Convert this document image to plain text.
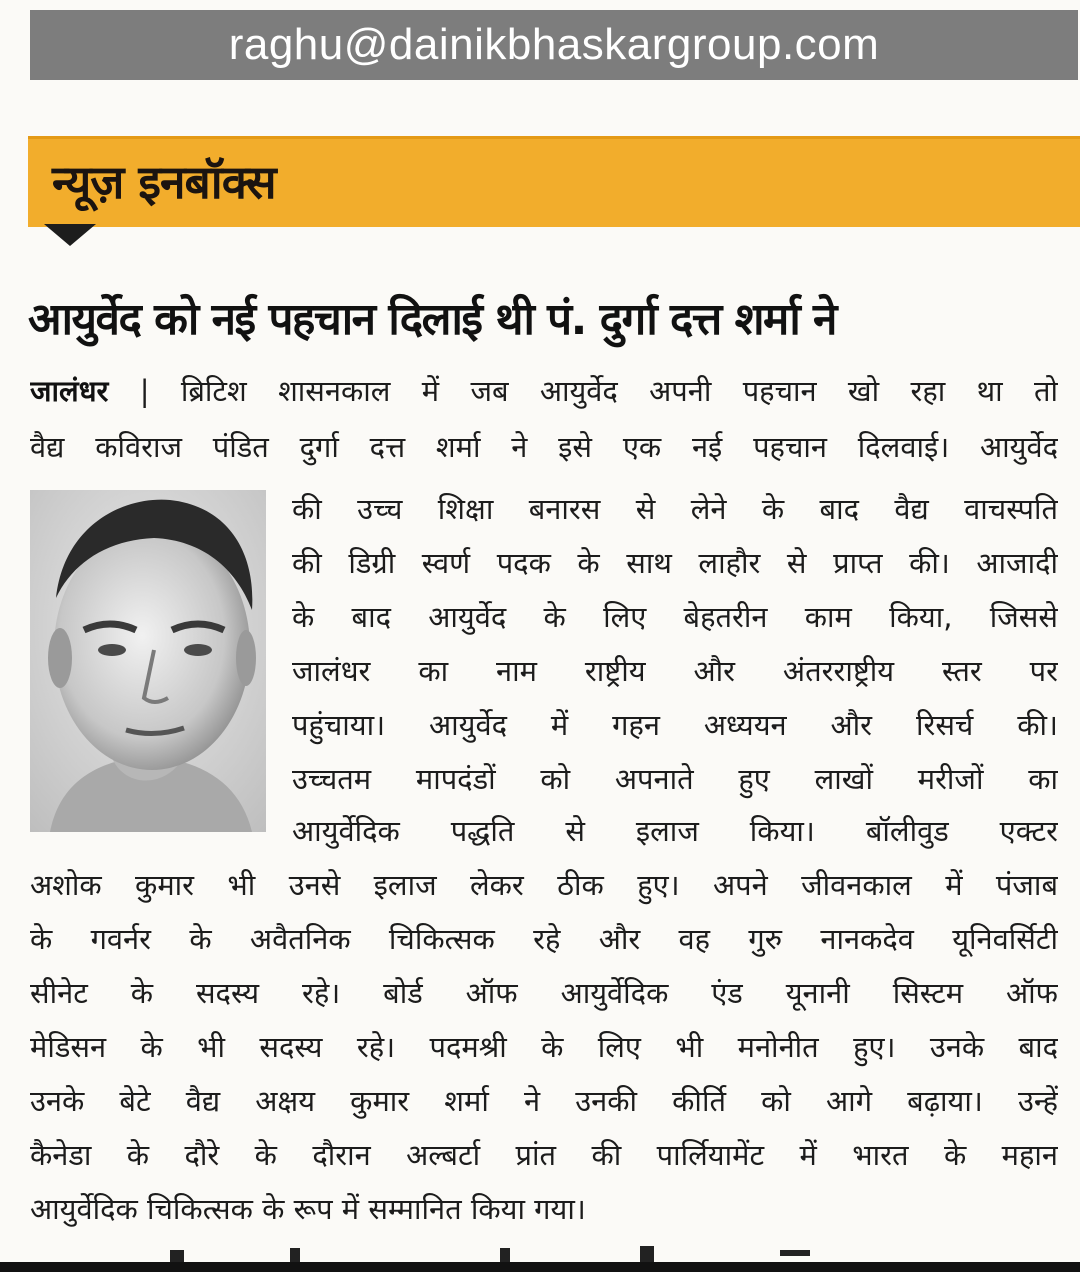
raghu@dainikbhaskargroup.com
न्यूज़ इनबॉक्स
आयुर्वेद को नई पहचान दिलाई थी पं. दुर्गा दत्त शर्मा ने
जालंधर | ब्रिटिश शासनकाल में जब आयुर्वेद अपनी पहचान खो रहा था तो
वैद्य कविराज पंडित दुर्गा दत्त शर्मा ने इसे एक नई पहचान दिलवाई। आयुर्वेद
की उच्च शिक्षा बनारस से लेने के बाद वैद्य वाचस्पति
की डिग्री स्वर्ण पदक के साथ लाहौर से प्राप्त की। आजादी
के बाद आयुर्वेद के लिए बेहतरीन काम किया, जिससे
जालंधर का नाम राष्ट्रीय और अंतरराष्ट्रीय स्तर पर
पहुंचाया। आयुर्वेद में गहन अध्ययन और रिसर्च की।
उच्चतम मापदंडों को अपनाते हुए लाखों मरीजों का
आयुर्वेदिक पद्धति से इलाज किया। बॉलीवुड एक्टर
अशोक कुमार भी उनसे इलाज लेकर ठीक हुए। अपने जीवनकाल में पंजाब
के गवर्नर के अवैतनिक चिकित्सक रहे और वह गुरु नानकदेव यूनिवर्सिटी
सीनेट के सदस्य रहे। बोर्ड ऑफ आयुर्वेदिक एंड यूनानी सिस्टम ऑफ
मेडिसन के भी सदस्य रहे। पदमश्री के लिए भी मनोनीत हुए। उनके बाद
उनके बेटे वैद्य अक्षय कुमार शर्मा ने उनकी कीर्ति को आगे बढ़ाया। उन्हें
कैनेडा के दौरे के दौरान अल्बर्टा प्रांत की पार्लियामेंट में भारत के महान
आयुर्वेदिक चिकित्सक के रूप में सम्मानित किया गया।
